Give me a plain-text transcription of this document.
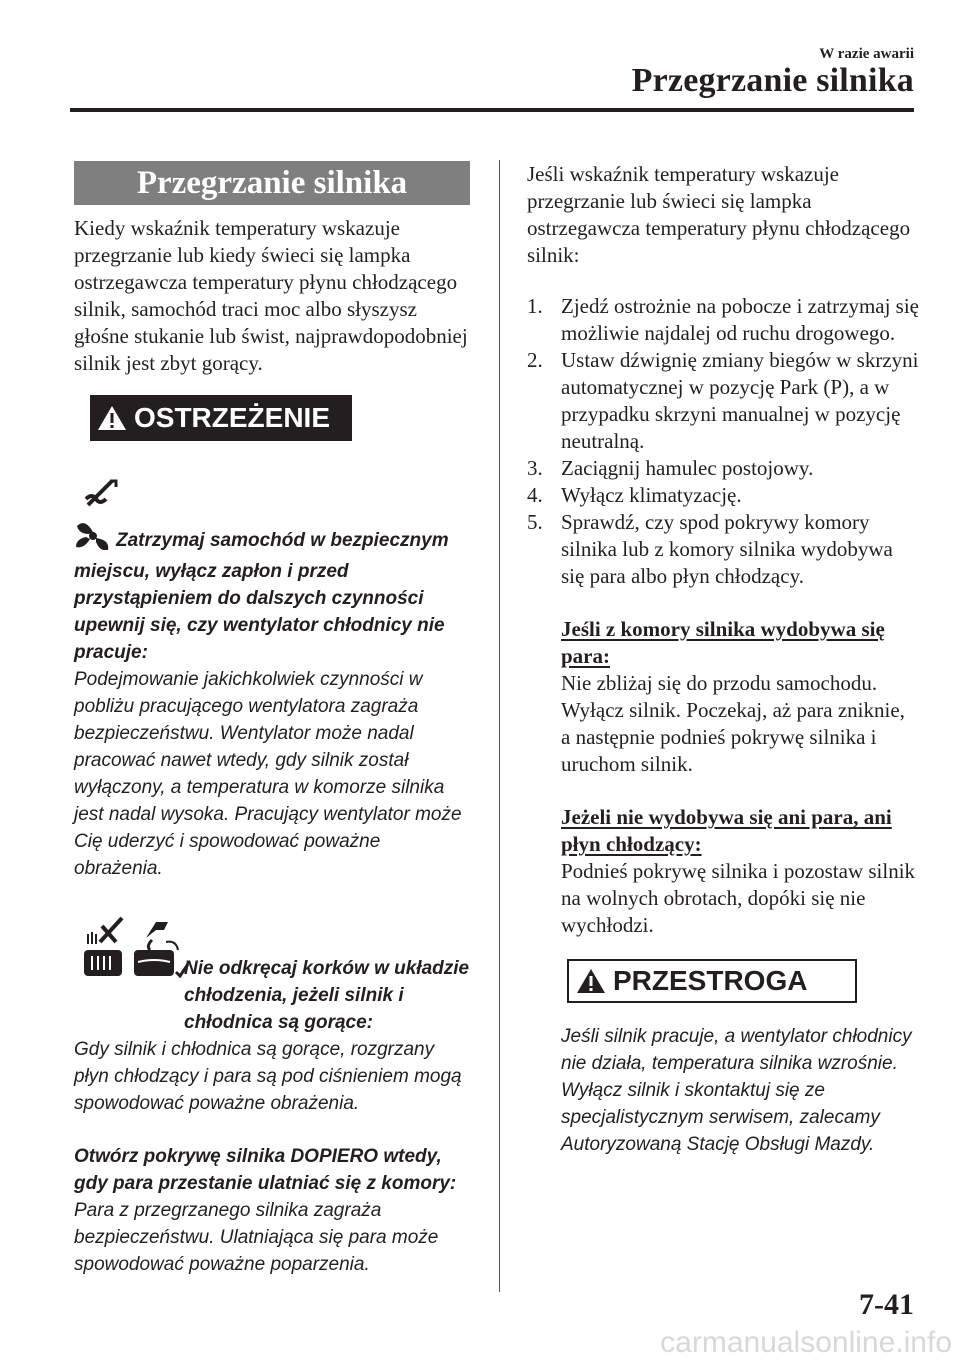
W razie awarii
Przegrzanie silnika
Przegrzanie silnika
Kiedy wskaźnik temperatury wskazuje przegrzanie lub kiedy świeci się lampka ostrzegawcza temperatury płynu chłodzącego silnik, samochód traci moc albo słyszysz głośne stukanie lub świst, najprawdopodobniej silnik jest zbyt gorący.
OSTRZEŻENIE
Zatrzymaj samochód w bezpiecznym miejscu, wyłącz zapłon i przed przystąpieniem do dalszych czynności upewnij się, czy wentylator chłodnicy nie pracuje:
Podejmowanie jakichkolwiek czynności w pobliżu pracującego wentylatora zagraża bezpieczeństwu. Wentylator może nadal pracować nawet wtedy, gdy silnik został wyłączony, a temperatura w komorze silnika jest nadal wysoka. Pracujący wentylator może Cię uderzyć i spowodować poważne obrażenia.
Nie odkręcaj korków w układzie chłodzenia, jeżeli silnik i chłodnica są gorące:
Gdy silnik i chłodnica są gorące, rozgrzany płyn chłodzący i para są pod ciśnieniem mogą spowodować poważne obrażenia.
Otwórz pokrywę silnika DOPIERO wtedy, gdy para przestanie ulatniać się z komory:
Para z przegrzanego silnika zagraża bezpieczeństwu. Ulatniająca się para może spowodować poważne poparzenia.
Jeśli wskaźnik temperatury wskazuje przegrzanie lub świeci się lampka ostrzegawcza temperatury płynu chłodzącego silnik:
1. Zjedź ostrożnie na pobocze i zatrzymaj się możliwie najdalej od ruchu drogowego.
2. Ustaw dźwignię zmiany biegów w skrzyni automatycznej w pozycję Park (P), a w przypadku skrzyni manualnej w pozycję neutralną.
3. Zaciągnij hamulec postojowy.
4. Wyłącz klimatyzację.
5. Sprawdź, czy spod pokrywy komory silnika lub z komory silnika wydobywa się para albo płyn chłodzący.
Jeśli z komory silnika wydobywa się para:
Nie zbliżaj się do przodu samochodu. Wyłącz silnik. Poczekaj, aż para zniknie, a następnie podnieś pokrywę silnika i uruchom silnik.
Jeżeli nie wydobywa się ani para, ani płyn chłodzący:
Podnieś pokrywę silnika i pozostaw silnik na wolnych obrotach, dopóki się nie wychłodzi.
PRZESTROGA
Jeśli silnik pracuje, a wentylator chłodnicy nie działa, temperatura silnika wzrośnie. Wyłącz silnik i skontaktuj się ze specjalistycznym serwisem, zalecamy Autoryzowaną Stację Obsługi Mazdy.
7-41
carmanualsonline.info
